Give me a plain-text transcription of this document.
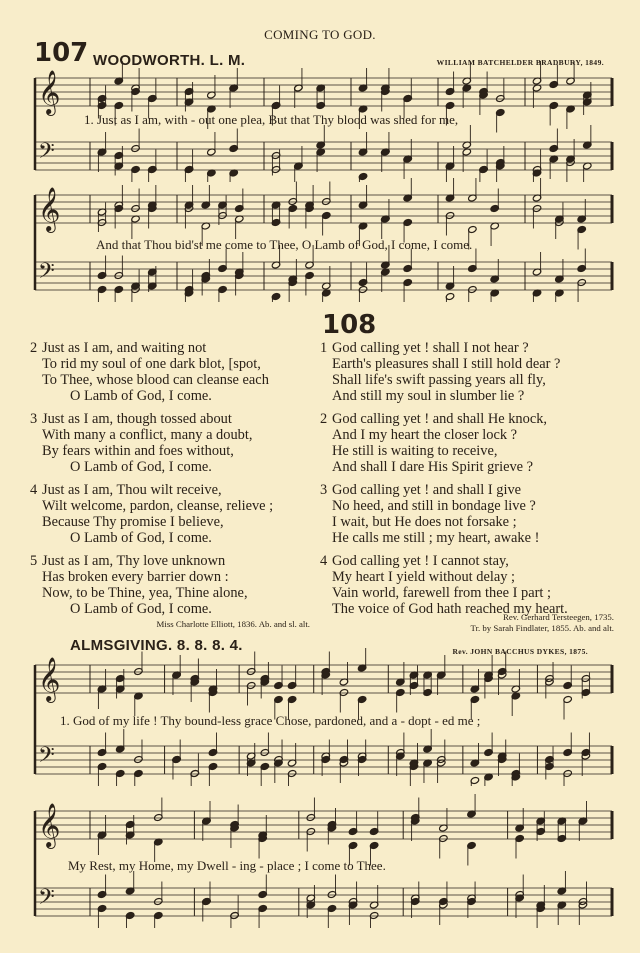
COMING TO GOD.
107 WOODWORTH. L. M.	WILLIAM BATCHELDER BRADBURY, 1849.
𝄞
𝄢
1. Just as I am, with - out one plea, But that Thy blood was shed for me,
𝄞
𝄢
And that Thou bid'st me come to Thee, O Lamb of God, I come, I come.
108
2 Just as I am, and waiting not
To rid my soul of one dark blot, [spot,
To Thee, whose blood can cleanse each
O Lamb of God, I come.
3 Just as I am, though tossed about
With many a conflict, many a doubt,
By fears within and foes without,
O Lamb of God, I come.
4 Just as I am, Thou wilt receive,
Wilt welcome, pardon, cleanse, relieve ;
Because Thy promise I believe,
O Lamb of God, I come.
5 Just as I am, Thy love unknown
Has broken every barrier down :
Now, to be Thine, yea, Thine alone,
O Lamb of God, I come.
Miss Charlotte Elliott, 1836. Ab. and sl. alt.
1 God calling yet ! shall I not hear ?
Earth's pleasures shall I still hold dear ?
Shall life's swift passing years all fly,
And still my soul in slumber lie ?
2 God calling yet ! and shall He knock,
And I my heart the closer lock ?
He still is waiting to receive,
And shall I dare His Spirit grieve ?
3 God calling yet ! and shall I give
No heed, and still in bondage live ?
I wait, but He does not forsake ;
He calls me still ; my heart, awake !
4 God calling yet ! I cannot stay,
My heart I yield without delay ;
Vain world, farewell from thee I part ;
The voice of God hath reached my heart.
Rev. Gerhard Tersteegen, 1735.
Tr. by Sarah Findlater, 1855. Ab. and alt.
ALMSGIVING. 8. 8. 8. 4.	Rev. JOHN BACCHUS DYKES, 1875.
𝄞
𝄢
1. God of my life ! Thy bound-less grace Chose, pardoned, and a - dopt - ed me ;
𝄞
𝄢
My Rest, my Home, my Dwell - ing - place ; I come to Thee.
